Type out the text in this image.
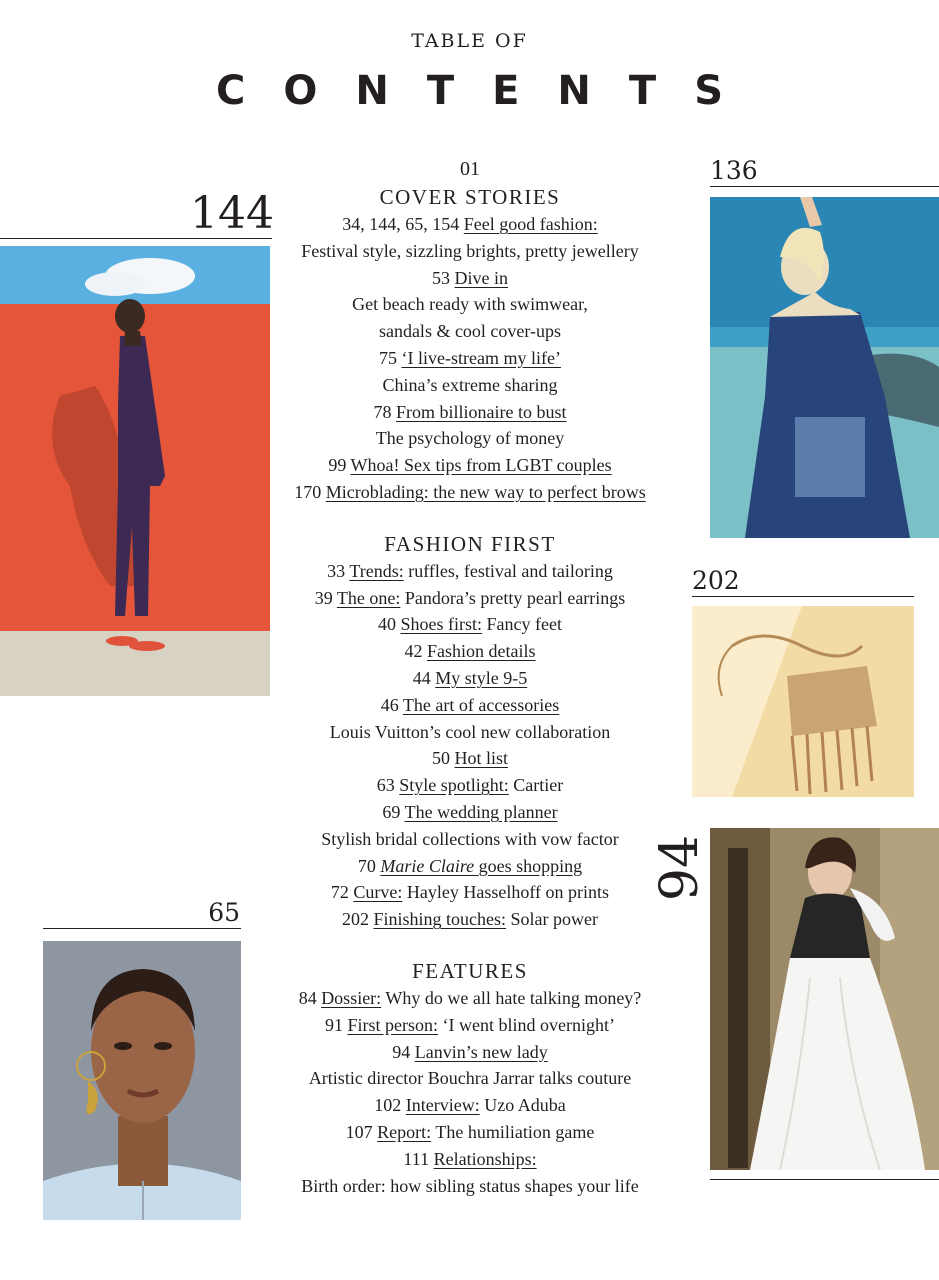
TABLE OF
CONTENTS
144
65
136
202
94
01
COVER STORIES
34, 144, 65, 154 Feel good fashion:
Festival style, sizzling brights, pretty jewellery
53 Dive in
Get beach ready with swimwear,
sandals & cool cover-ups
75 ‘I live-stream my life’
China’s extreme sharing
78 From billionaire to bust
The psychology of money
99 Whoa! Sex tips from LGBT couples
170 Microblading: the new way to perfect brows
FASHION FIRST
33 Trends: ruffles, festival and tailoring
39 The one: Pandora’s pretty pearl earrings
40 Shoes first: Fancy feet
42 Fashion details
44 My style 9-5
46 The art of accessories
Louis Vuitton’s cool new collaboration
50 Hot list
63 Style spotlight: Cartier
69 The wedding planner
Stylish bridal collections with vow factor
70 Marie Claire goes shopping
72 Curve: Hayley Hasselhoff on prints
202 Finishing touches: Solar power
FEATURES
84 Dossier: Why do we all hate talking money?
91 First person: ‘I went blind overnight’
94 Lanvin’s new lady
Artistic director Bouchra Jarrar talks couture
102 Interview: Uzo Aduba
107 Report: The humiliation game
111 Relationships:
Birth order: how sibling status shapes your life
